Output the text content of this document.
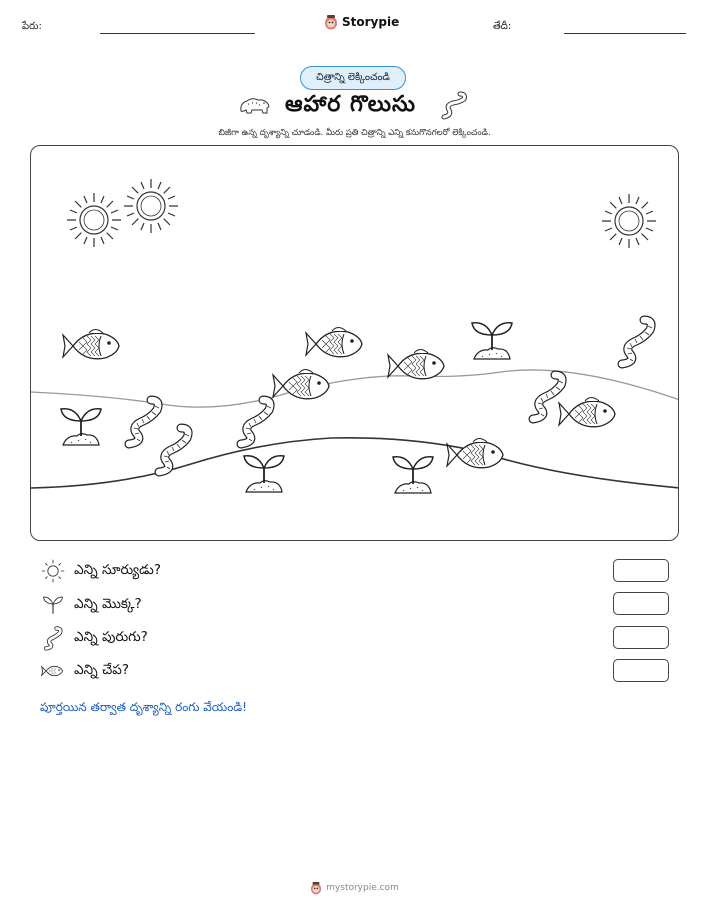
పేరు:	Storypie	తేదీ:
చిత్రాన్ని లెక్కించండి
ఆహార గొలుసు
బిజీగా ఉన్న దృశ్యాన్ని చూడండి. మీరు ప్రతి చిత్రాన్ని ఎన్ని కనుగొనగలరో లెక్కించండి.
ఎన్ని సూర్యుడు?
ఎన్ని మొక్క?
ఎన్ని పురుగు?
ఎన్ని చేప?
పూర్తయిన తర్వాత దృశ్యాన్ని రంగు వేయండి!
mystorypie.com
